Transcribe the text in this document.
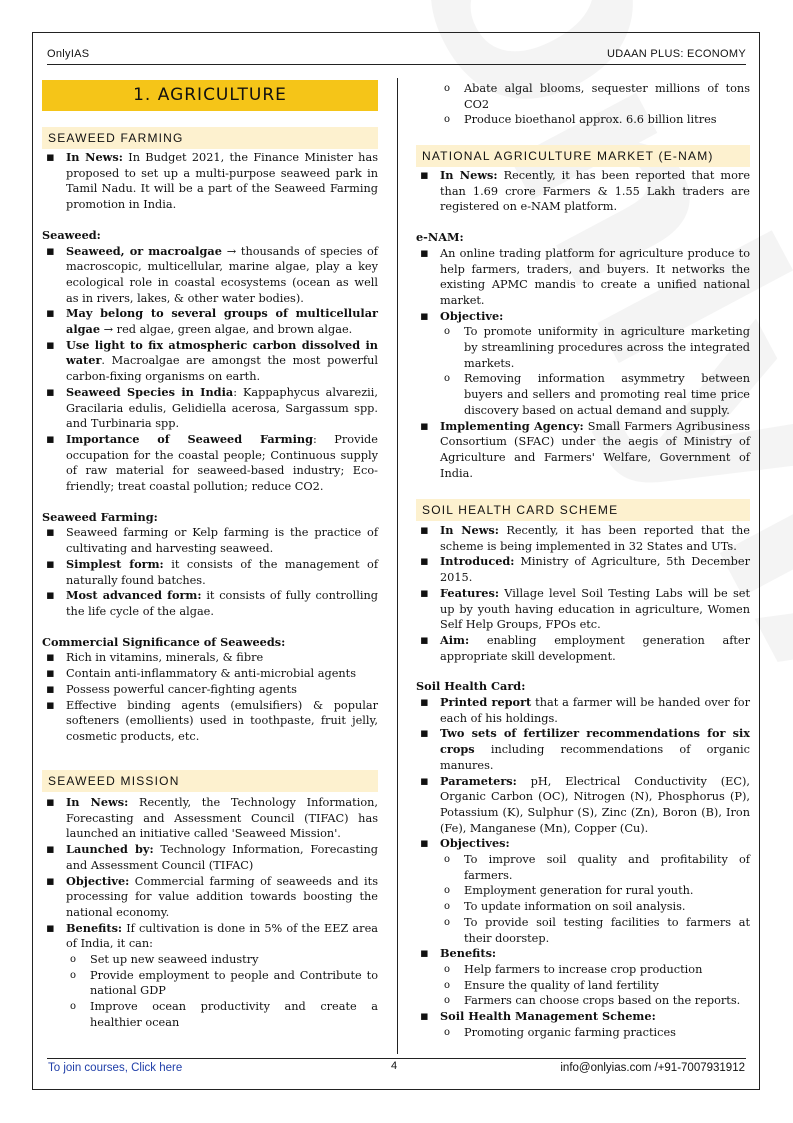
OnlyIAS	UDAAN PLUS: ECONOMY
1. AGRICULTURE
SEAWEED FARMING
▪ In News: In Budget 2021, the Finance Minister has proposed to set up a multi-purpose seaweed park in Tamil Nadu. It will be a part of the Seaweed Farming promotion in India.

Seaweed:

▪ Seaweed, or macroalgae → thousands of species of macroscopic, multicellular, marine algae, play a key ecological role in coastal ecosystems (ocean as well as in rivers, lakes, & other water bodies).
▪ May belong to several groups of multicellular algae → red algae, green algae, and brown algae.
▪ Use light to fix atmospheric carbon dissolved in water. Macroalgae are amongst the most powerful carbon-fixing organisms on earth.
▪ Seaweed Species in India: Kappaphycus alvarezii, Gracilaria edulis, Gelidiella acerosa, Sargassum spp. and Turbinaria spp.
▪ Importance of Seaweed Farming: Provide occupation for the coastal people; Continuous supply of raw material for seaweed-based industry; Eco-friendly; treat coastal pollution; reduce CO2.

Seaweed Farming:

▪ Seaweed farming or Kelp farming is the practice of cultivating and harvesting seaweed.
▪ Simplest form: it consists of the management of naturally found batches.
▪ Most advanced form: it consists of fully controlling the life cycle of the algae.

Commercial Significance of Seaweeds:

▪ Rich in vitamins, minerals, & fibre
▪ Contain anti-inflammatory & anti-microbial agents
▪ Possess powerful cancer-fighting agents
▪ Effective binding agents (emulsifiers) & popular softeners (emollients) used in toothpaste, fruit jelly, cosmetic products, etc.
SEAWEED MISSION
▪ In News: Recently, the Technology Information, Forecasting and Assessment Council (TIFAC) has launched an initiative called 'Seaweed Mission'.
▪ Launched by: Technology Information, Forecasting and Assessment Council (TIFAC)
▪ Objective: Commercial farming of seaweeds and its processing for value addition towards boosting the national economy.
▪ Benefits: If cultivation is done in 5% of the EEZ area of India, it can:
o Set up new seaweed industry
o Provide employment to people and Contribute to national GDP
o Improve ocean productivity and create a healthier ocean
o Abate algal blooms, sequester millions of tons CO2
o Produce bioethanol approx. 6.6 billion litres
NATIONAL AGRICULTURE MARKET (E-NAM)
▪ In News: Recently, it has been reported that more than 1.69 crore Farmers & 1.55 Lakh traders are registered on e-NAM platform.

e-NAM:

▪ An online trading platform for agriculture produce to help farmers, traders, and buyers. It networks the existing APMC mandis to create a unified national market.
▪ Objective:
o To promote uniformity in agriculture marketing by streamlining procedures across the integrated markets.
o Removing information asymmetry between buyers and sellers and promoting real time price discovery based on actual demand and supply.
▪ Implementing Agency: Small Farmers Agribusiness Consortium (SFAC) under the aegis of Ministry of Agriculture and Farmers' Welfare, Government of India.
SOIL HEALTH CARD SCHEME
▪ In News: Recently, it has been reported that the scheme is being implemented in 32 States and UTs.
▪ Introduced: Ministry of Agriculture, 5th December 2015.
▪ Features: Village level Soil Testing Labs will be set up by youth having education in agriculture, Women Self Help Groups, FPOs etc.
▪ Aim: enabling employment generation after appropriate skill development.

Soil Health Card:

▪ Printed report that a farmer will be handed over for each of his holdings.
▪ Two sets of fertilizer recommendations for six crops including recommendations of organic manures.
▪ Parameters: pH, Electrical Conductivity (EC), Organic Carbon (OC), Nitrogen (N), Phosphorus (P), Potassium (K), Sulphur (S), Zinc (Zn), Boron (B), Iron (Fe), Manganese (Mn), Copper (Cu).
▪ Objectives:
o To improve soil quality and profitability of farmers.
o Employment generation for rural youth.
o To update information on soil analysis.
o To provide soil testing facilities to farmers at their doorstep.
▪ Benefits:
o Help farmers to increase crop production
o Ensure the quality of land fertility
o Farmers can choose crops based on the reports.
▪ Soil Health Management Scheme:
o Promoting organic farming practices
To join courses, Click here	4	info@onlyias.com /+91-7007931912
